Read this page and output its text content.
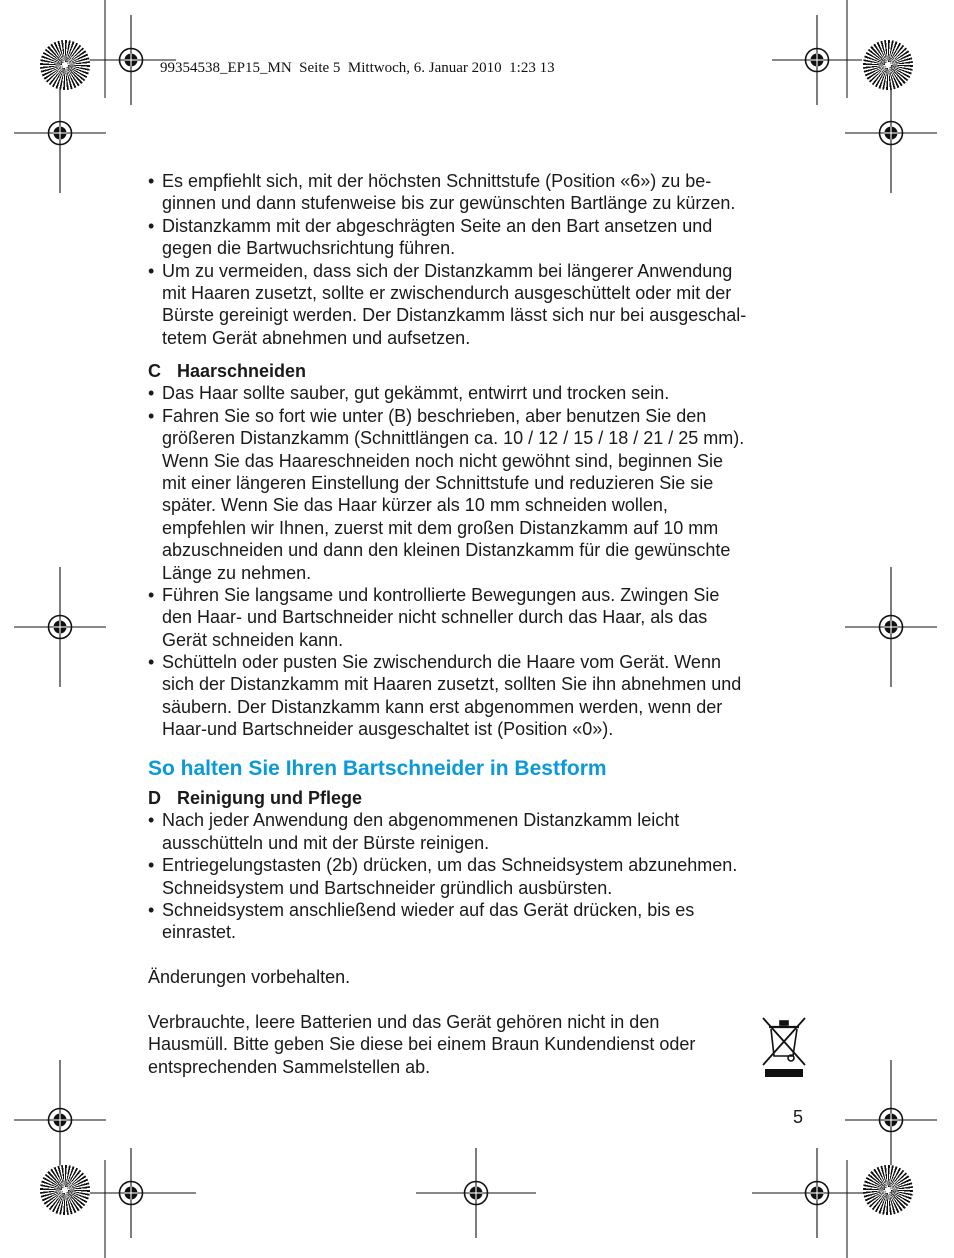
99354538_EP15_MN  Seite 5  Mittwoch, 6. Januar 2010  1:23 13
• Es empfiehlt sich, mit der höchsten Schnittstufe (Position «6») zu be-
ginnen und dann stufenweise bis zur gewünschten Bartlänge zu kürzen.
• Distanzkamm mit der abgeschrägten Seite an den Bart ansetzen und
gegen die Bartwuchsrichtung führen.
• Um zu vermeiden, dass sich der Distanzkamm bei längerer Anwendung
mit Haaren zusetzt, sollte er zwischendurch ausgeschüttelt oder mit der
Bürste gereinigt werden. Der Distanzkamm lässt sich nur bei ausgeschal-
tetem Gerät abnehmen und aufsetzen.
C Haarschneiden
• Das Haar sollte sauber, gut gekämmt, entwirrt und trocken sein.
• Fahren Sie so fort wie unter (B) beschrieben, aber benutzen Sie den
größeren Distanzkamm (Schnittlängen ca. 10 / 12 / 15 / 18 / 21 / 25 mm).
Wenn Sie das Haareschneiden noch nicht gewöhnt sind, beginnen Sie
mit einer längeren Einstellung der Schnittstufe und reduzieren Sie sie
später. Wenn Sie das Haar kürzer als 10 mm schneiden wollen,
empfehlen wir Ihnen, zuerst mit dem großen Distanzkamm auf 10 mm
abzuschneiden und dann den kleinen Distanzkamm für die gewünschte
Länge zu nehmen.
• Führen Sie langsame und kontrollierte Bewegungen aus. Zwingen Sie
den Haar- und Bartschneider nicht schneller durch das Haar, als das
Gerät schneiden kann.
• Schütteln oder pusten Sie zwischendurch die Haare vom Gerät. Wenn
sich der Distanzkamm mit Haaren zusetzt, sollten Sie ihn abnehmen und
säubern. Der Distanzkamm kann erst abgenommen werden, wenn der
Haar-und Bartschneider ausgeschaltet ist (Position «0»).
So halten Sie Ihren Bartschneider in Bestform
D Reinigung und Pflege
• Nach jeder Anwendung den abgenommenen Distanzkamm leicht
ausschütteln und mit der Bürste reinigen.
• Entriegelungstasten (2b) drücken, um das Schneidsystem abzunehmen.
Schneidsystem und Bartschneider gründlich ausbürsten.
• Schneidsystem anschließend wieder auf das Gerät drücken, bis es
einrastet.
Änderungen vorbehalten.
Verbrauchte, leere Batterien und das Gerät gehören nicht in den
Hausmüll. Bitte geben Sie diese bei einem Braun Kundendienst oder
entsprechenden Sammelstellen ab.
5
